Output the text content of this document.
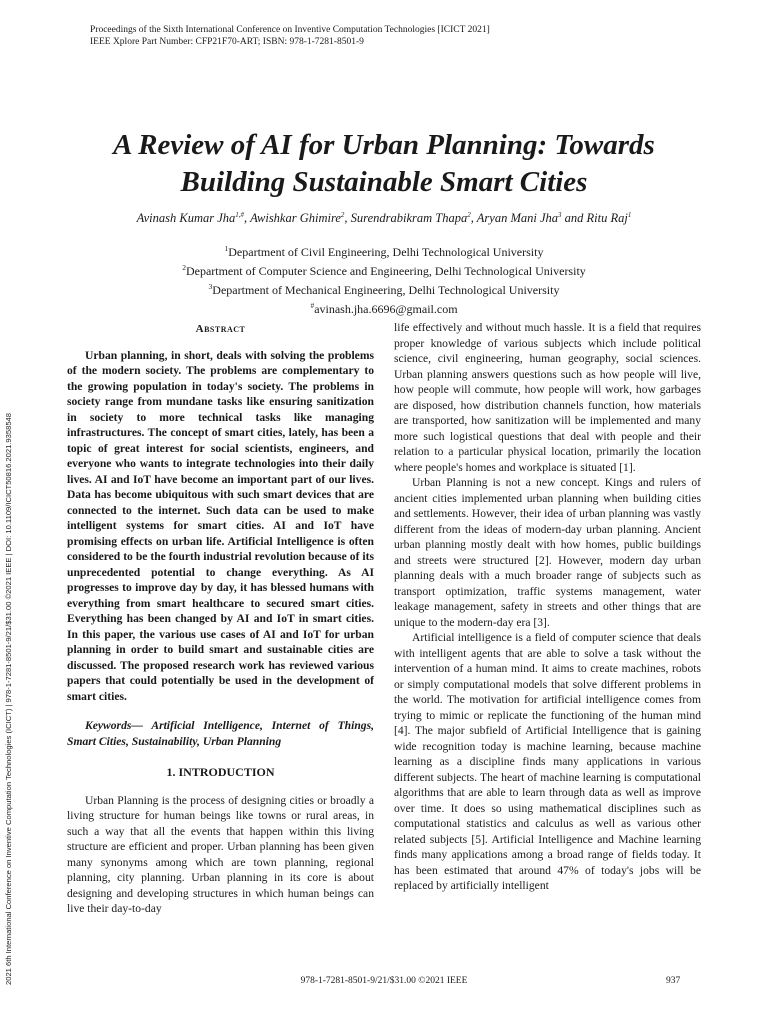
Proceedings of the Sixth International Conference on Inventive Computation Technologies [ICICT 2021]
IEEE Xplore Part Number: CFP21F70-ART; ISBN: 978-1-7281-8501-9
2021 6th International Conference on Inventive Computation Technologies (ICICT) | 978-1-7281-8501-9/21/$31.00 ©2021 IEEE | DOI: 10.1109/ICICT50816.2021.9358548
A Review of AI for Urban Planning: Towards
Building Sustainable Smart Cities
Avinash Kumar Jha$^{1,\#}$, Awishkar Ghimire$^2$, Surendrabikram Thapa$^2$, Aryan Mani Jha$^3$ and Ritu Raj$^1$
$^1$Department of Civil Engineering, Delhi Technological University
$^2$Department of Computer Science and Engineering, Delhi Technological University
$^3$Department of Mechanical Engineering, Delhi Technological University
#avinash.jha.6696@gmail.com
Abstract

Urban planning, in short, deals with solving the problems of the modern society. The problems are complementary to the growing population in today's society. The problems in society range from mundane tasks like ensuring sanitization in society to more technical tasks like managing infrastructures. The concept of smart cities, lately, has been a topic of great interest for social scientists, engineers, and everyone who wants to integrate technologies into their daily lives. AI and IoT have become an important part of our lives. Data has become ubiquitous with such smart devices that are connected to the internet. Such data can be used to make intelligent systems for smart cities. AI and IoT have promising effects on urban life. Artificial Intelligence is often considered to be the fourth industrial revolution because of its unprecedented potential to change everything. As AI progresses to improve day by day, it has blessed humans with everything from smart healthcare to secured smart cities. Everything has been changed by AI and IoT in smart cities. In this paper, the various use cases of AI and IoT for urban planning in order to build smart and sustainable cities are discussed. The proposed research work has reviewed various papers that could potentially be used in the development of smart cities.

Keywords— Artificial Intelligence, Internet of Things, Smart Cities, Sustainability, Urban Planning

1. INTRODUCTION

Urban Planning is the process of designing cities or broadly a living structure for human beings like towns or rural areas, in such a way that all the events that happen within this living structure are efficient and proper. Urban planning has been given many synonyms among which are town planning, regional planning, city planning. Urban planning in its core is about designing and developing structures in which human beings can live their day-to-day

life effectively and without much hassle. It is a field that requires proper knowledge of various subjects which include political science, civil engineering, human geography, social sciences. Urban planning answers questions such as how people will live, how people will commute, how people will work, how garbages are disposed, how distribution channels function, how materials are transported, how sanitization will be implemented and many more such logistical questions that deal with people and their relation to a particular physical location, primarily the location where people's homes and workplace is situated [1].

Urban Planning is not a new concept. Kings and rulers of ancient cities implemented urban planning when building cities and settlements. However, their idea of urban planning was vastly different from the ideas of modern-day urban planning. Ancient urban planning mostly dealt with how homes, public buildings and streets were structured [2]. However, modern day urban planning deals with a much broader range of subjects such as transport optimization, traffic systems management, water leakage management, safety in streets and other things that are unique to the modern-day era [3].

Artificial intelligence is a field of computer science that deals with intelligent agents that are able to solve a task without the intervention of a human mind. It aims to create machines, robots or simply computational models that solve different problems in the world. The motivation for artificial intelligence comes from trying to mimic or replicate the functioning of the human mind [4]. The major subfield of Artificial Intelligence that is gaining wide recognition today is machine learning, because machine learning as a discipline finds many applications in various different subjects. The heart of machine learning is computational algorithms that are able to learn through data as well as improve over time. It does so using mathematical disciplines such as computational statistics and calculus as well as various other related subjects [5]. Artificial Intelligence and Machine learning finds many applications among a broad range of fields today. It has been estimated that around 47% of today's jobs will be replaced by artificially intelligent

978-1-7281-8501-9/21/$31.00 ©2021 IEEE	937
